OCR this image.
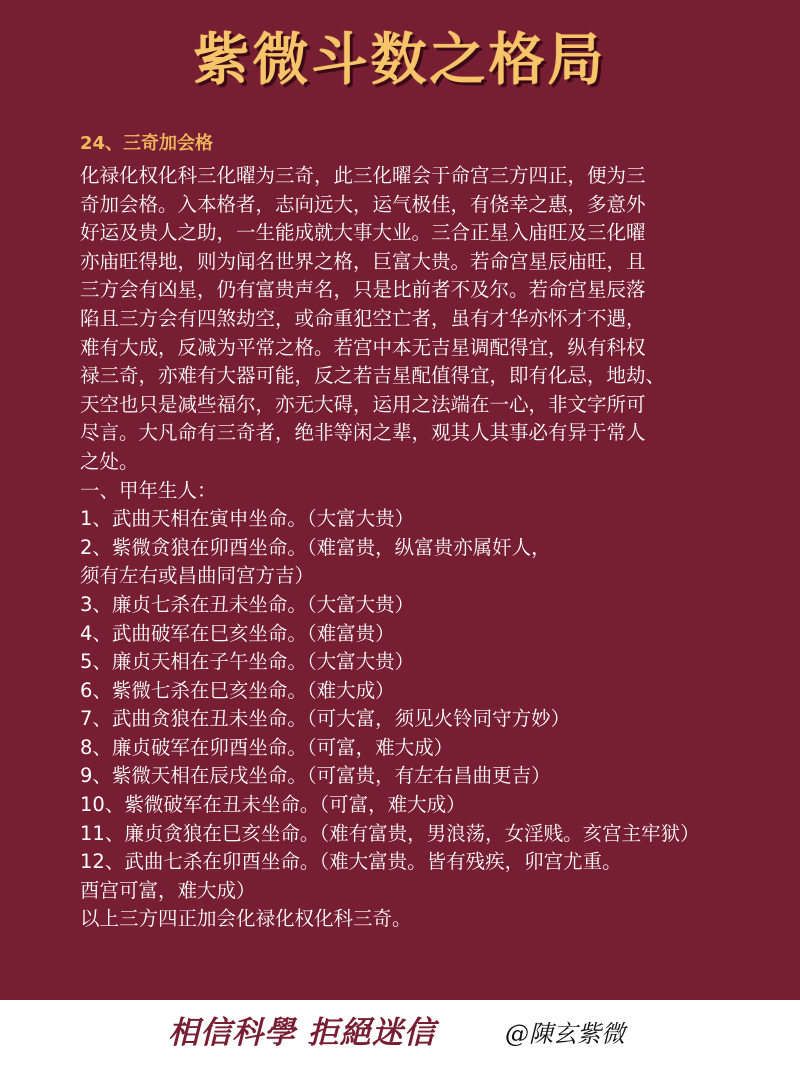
紫微斗数之格局
24、三奇加会格
化禄化权化科三化曜为三奇，此三化曜会于命宫三方四正，便为三
奇加会格。入本格者，志向远大，运气极佳，有侥幸之惠，多意外
好运及贵人之助，一生能成就大事大业。三合正星入庙旺及三化曜
亦庙旺得地，则为闻名世界之格，巨富大贵。若命宫星辰庙旺，且
三方会有凶星，仍有富贵声名，只是比前者不及尔。若命宫星辰落
陷且三方会有四煞劫空，或命重犯空亡者，虽有才华亦怀才不遇，
难有大成，反减为平常之格。若宫中本无吉星调配得宜，纵有科权
禄三奇，亦难有大器可能，反之若吉星配值得宜，即有化忌，地劫、
天空也只是减些福尔，亦无大碍，运用之法端在一心，非文字所可
尽言。大凡命有三奇者，绝非等闲之辈，观其人其事必有异于常人
之处。
一、甲年生人：
1、武曲天相在寅申坐命。（大富大贵）
2、紫微贪狼在卯酉坐命。（难富贵，纵富贵亦属奸人，
须有左右或昌曲同宫方吉）
3、廉贞七杀在丑未坐命。（大富大贵）
4、武曲破军在巳亥坐命。（难富贵）
5、廉贞天相在子午坐命。（大富大贵）
6、紫微七杀在巳亥坐命。（难大成）
7、武曲贪狼在丑未坐命。（可大富，须见火铃同守方妙）
8、廉贞破军在卯酉坐命。（可富，难大成）
9、紫微天相在辰戌坐命。（可富贵，有左右昌曲更吉）
10、紫微破军在丑未坐命。（可富，难大成）
11、廉贞贪狼在巳亥坐命。（难有富贵，男浪荡，女淫贱。亥宫主牢狱）
12、武曲七杀在卯酉坐命。（难大富贵。皆有残疾，卯宫尤重。
酉宫可富，难大成）
以上三方四正加会化禄化权化科三奇。
相信科學 拒絕迷信	@陳玄紫微
